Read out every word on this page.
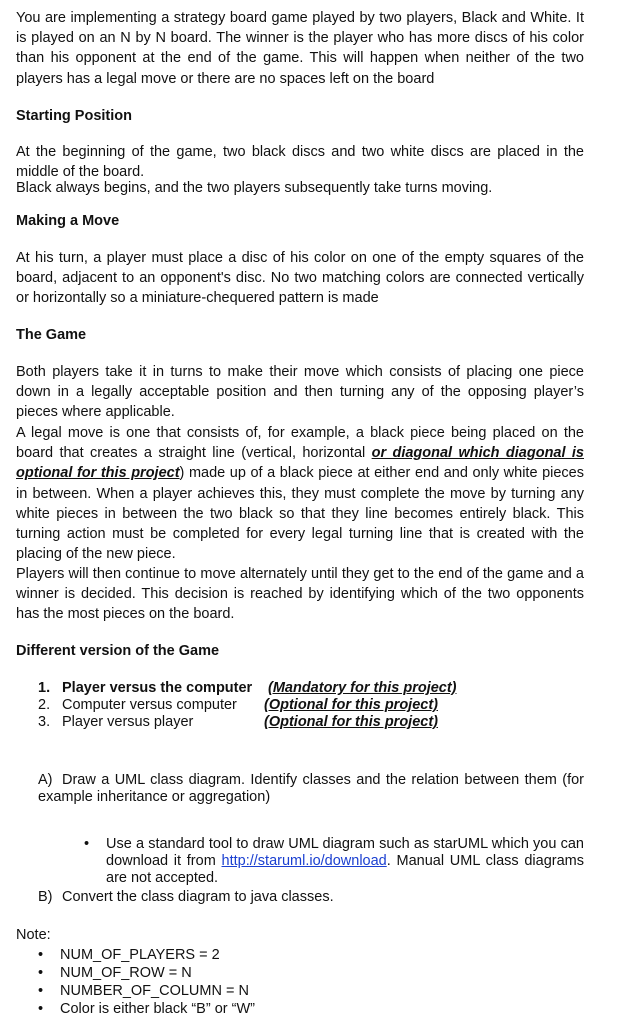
You are implementing a strategy board game played by two players, Black and White. It is played on an N by N board. The winner is the player who has more discs of his color than his opponent at the end of the game. This will happen when neither of the two players has a legal move or there are no spaces left on the board

Starting Position

At the beginning of the game, two black discs and two white discs are placed in the middle of the board.

Black always begins, and the two players subsequently take turns moving.

Making a Move

At his turn, a player must place a disc of his color on one of the empty squares of the board, adjacent to an opponent's disc. No two matching colors are connected vertically or horizontally so a miniature-chequered pattern is made

The Game

Both players take it in turns to make their move which consists of placing one piece down in a legally acceptable position and then turning any of the opposing player’s pieces where applicable.

A legal move is one that consists of, for example, a black piece being placed on the board that creates a straight line (vertical, horizontal or diagonal which diagonal is optional for this project) made up of a black piece at either end and only white pieces in between. When a player achieves this, they must complete the move by turning any white pieces in between the two black so that they line becomes entirely black. This turning action must be completed for every legal turning line that is created with the placing of the new piece.

Players will then continue to move alternately until they get to the end of the game and a winner is decided. This decision is reached by identifying which of the two opponents has the most pieces on the board.

Different version of the Game
1. Player versus the computer (Mandatory for this project)
2. Computer versus computer (Optional for this project)
3. Player versus player	(Optional for this project)
A) Draw a UML class diagram. Identify classes and the relation between them (for example inheritance or aggregation)
• Use a standard tool to draw UML diagram such as starUML which you can download it from http://staruml.io/download. Manual UML class diagrams are not accepted.

B) Convert the class diagram to java classes.
Note:
• NUM_OF_PLAYERS = 2
• NUM_OF_ROW = N
• NUMBER_OF_COLUMN = N
• Color is either black “B” or “W”
